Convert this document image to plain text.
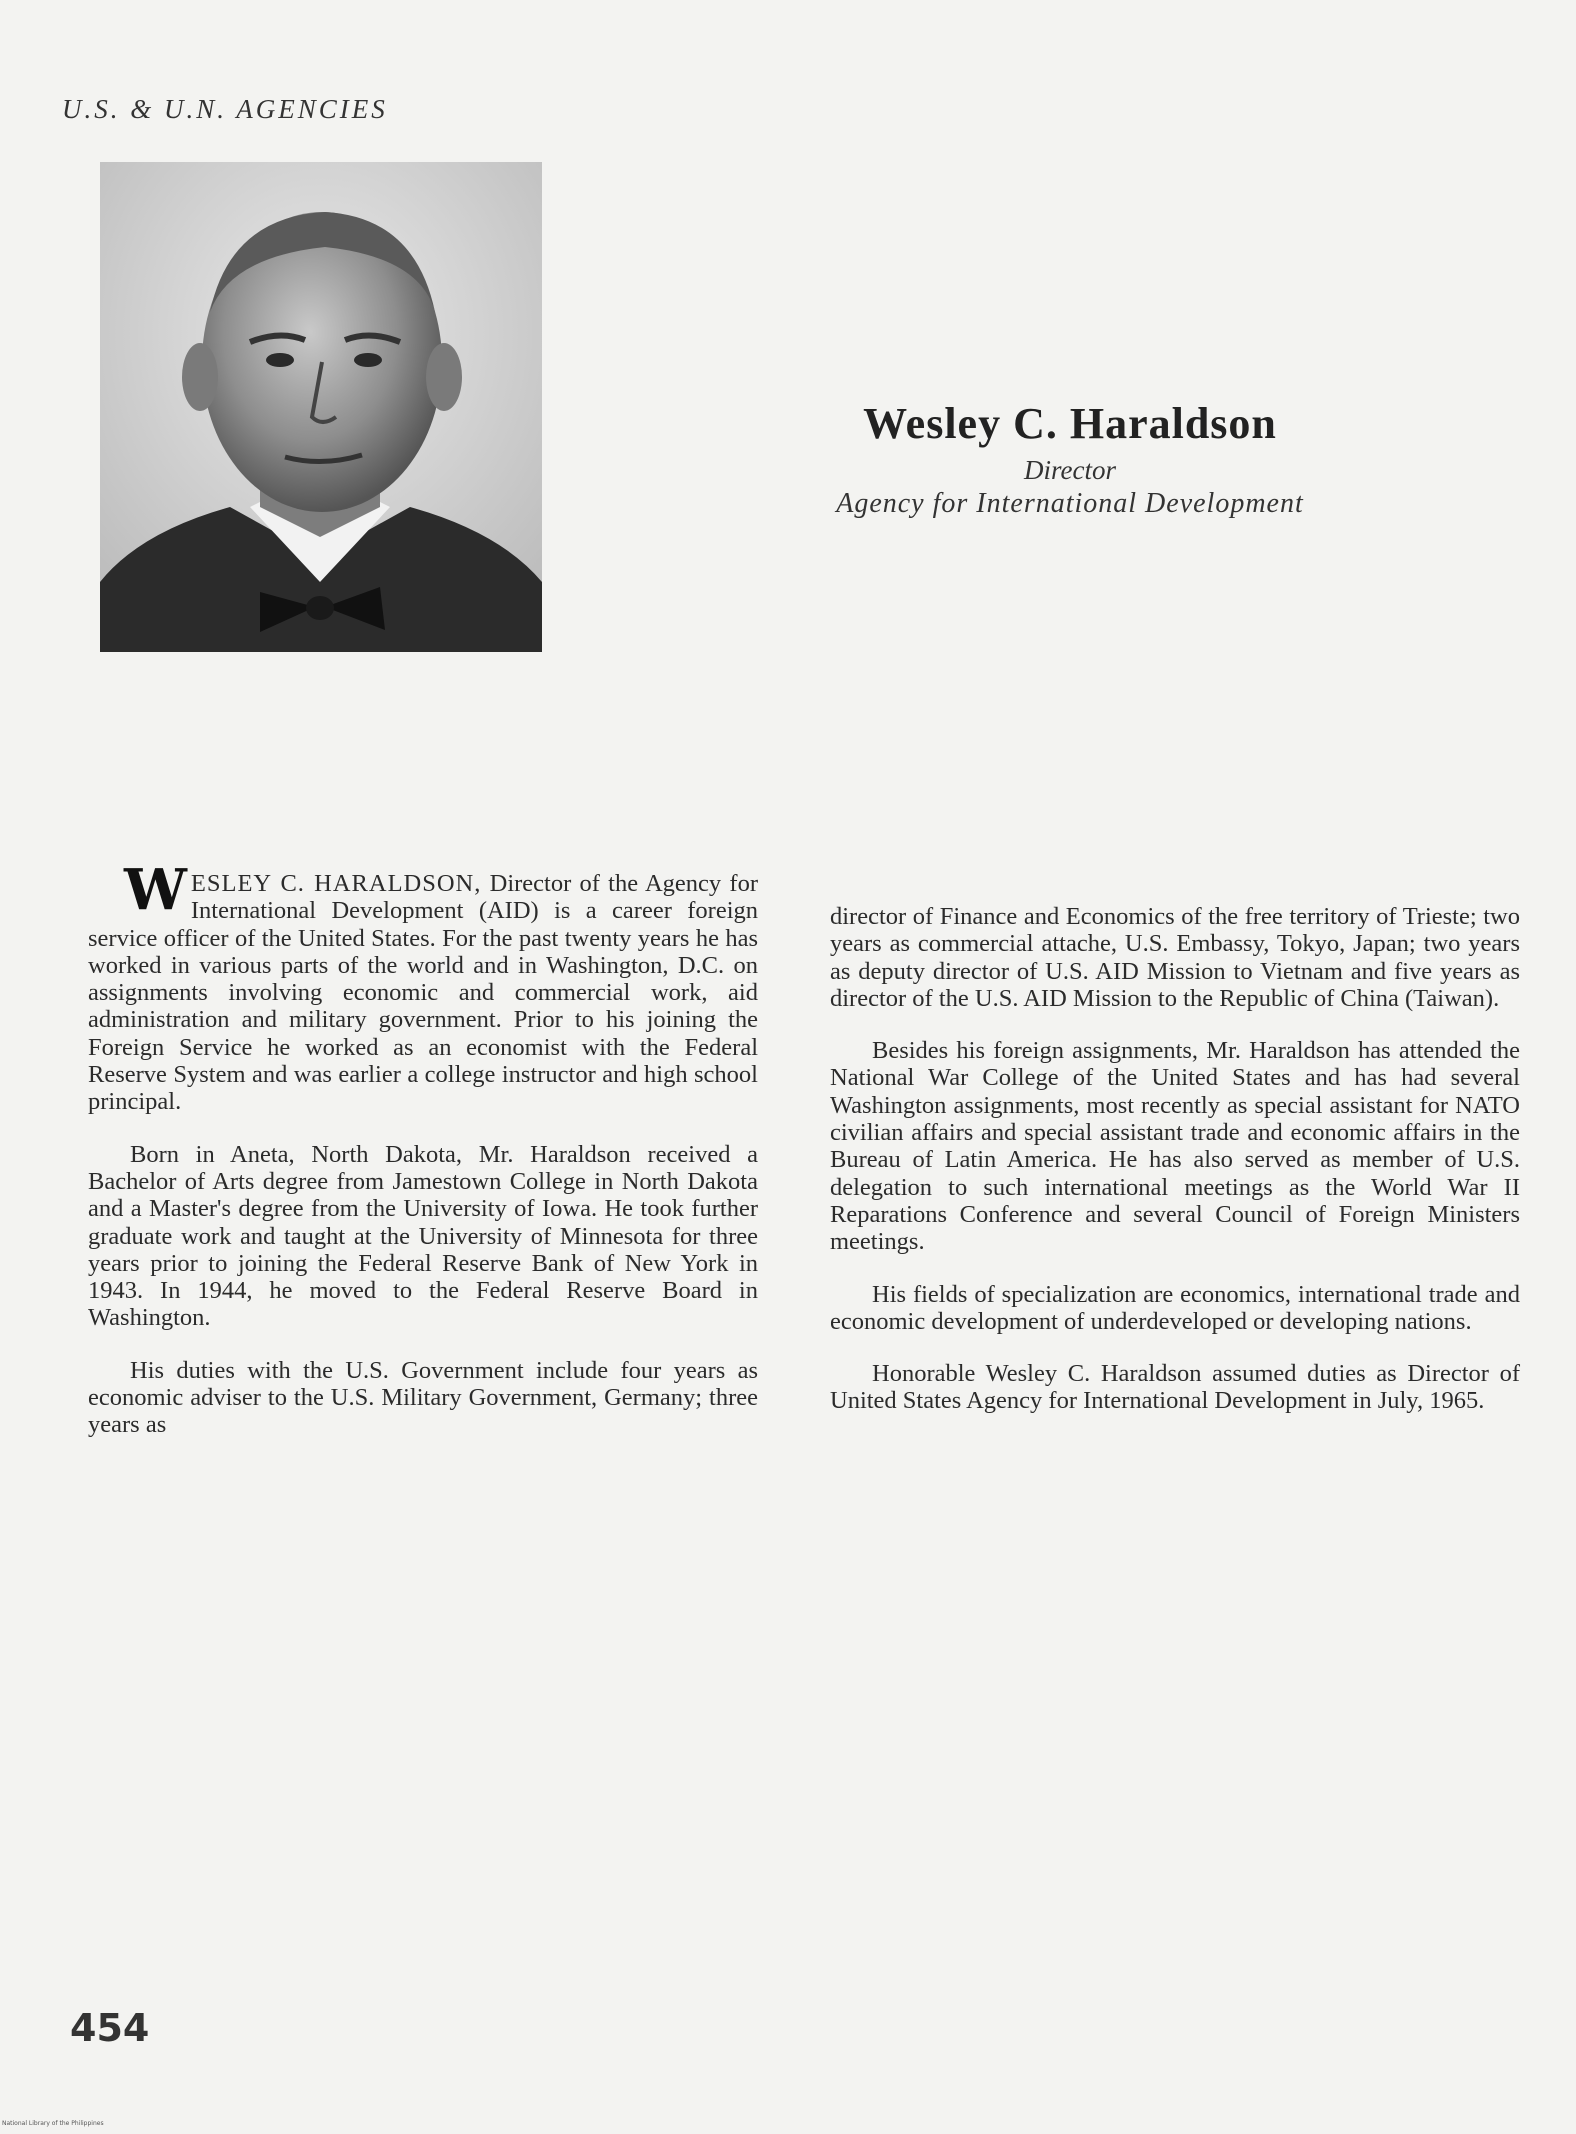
U.S. & U.N. AGENCIES
Wesley C. Haraldson
Director
Agency for International Development

WESLEY C. HARALDSON, Director of the Agency for International Development (AID) is a career foreign service officer of the United States. For the past twenty years he has worked in various parts of the world and in Washington, D.C. on assignments involving economic and commercial work, aid administration and military government. Prior to his joining the Foreign Service he worked as an economist with the Federal Reserve System and was earlier a college instructor and high school principal.

Born in Aneta, North Dakota, Mr. Haraldson received a Bachelor of Arts degree from Jamestown College in North Dakota and a Master's degree from the University of Iowa. He took further graduate work and taught at the University of Minnesota for three years prior to joining the Federal Reserve Bank of New York in 1943. In 1944, he moved to the Federal Reserve Board in Washington.

His duties with the U.S. Government include four years as economic adviser to the U.S. Military Government, Germany; three years as

director of Finance and Economics of the free territory of Trieste; two years as commercial attache, U.S. Embassy, Tokyo, Japan; two years as deputy director of U.S. AID Mission to Vietnam and five years as director of the U.S. AID Mission to the Republic of China (Taiwan).

Besides his foreign assignments, Mr. Haraldson has attended the National War College of the United States and has had several Washington assignments, most recently as special assistant for NATO civilian affairs and special assistant trade and economic affairs in the Bureau of Latin America. He has also served as member of U.S. delegation to such international meetings as the World War II Reparations Conference and several Council of Foreign Ministers meetings.

His fields of specialization are economics, international trade and economic development of underdeveloped or developing nations.

Honorable Wesley C. Haraldson assumed duties as Director of United States Agency for International Development in July, 1965.

454
National Library of the Philippines
